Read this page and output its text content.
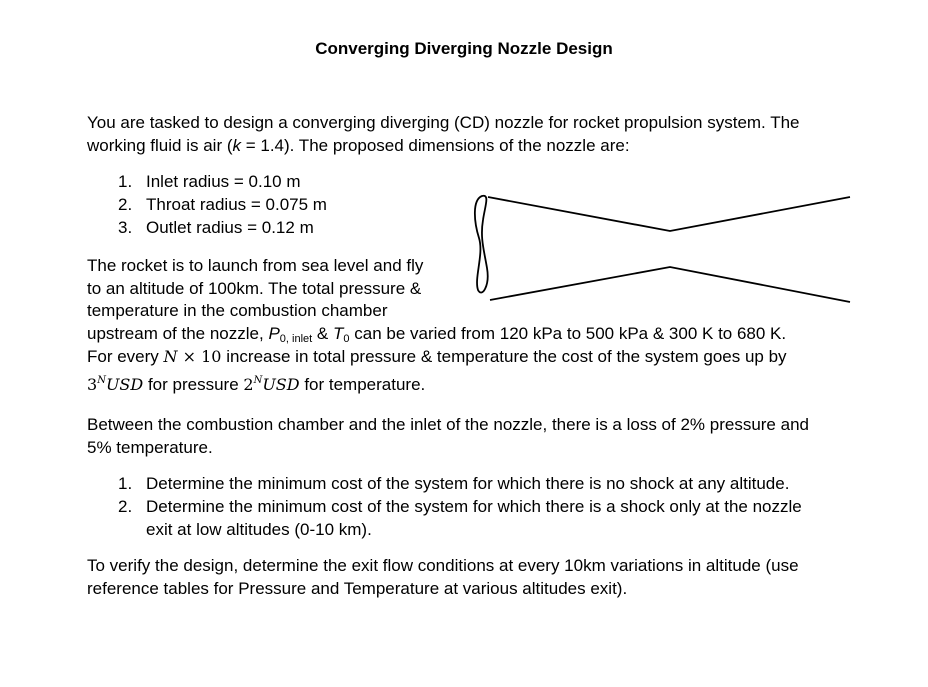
Converging Diverging Nozzle Design
You are tasked to design a converging diverging (CD) nozzle for rocket propulsion system. The
working fluid is air (k = 1.4). The proposed dimensions of the nozzle are:
1. Inlet radius = 0.10 m
2. Throat radius = 0.075 m
3. Outlet radius = 0.12 m
The rocket is to launch from sea level and fly
to an altitude of 100km. The total pressure &
temperature in the combustion chamber
upstream of the nozzle, $P_{0, inlet}$ & $T_0$ can be varied from 120 kPa to 500 kPa & 300 K to 680 K.
For every N × 10 increase in total pressure & temperature the cost of the system goes up by
$3^NUSD$ for pressure $2^NUSD$ for temperature.
Between the combustion chamber and the inlet of the nozzle, there is a loss of 2% pressure and
5% temperature.
1. Determine the minimum cost of the system for which there is no shock at any altitude.
2. Determine the minimum cost of the system for which there is a shock only at the nozzle
exit at low altitudes (0-10 km).
To verify the design, determine the exit flow conditions at every 10km variations in altitude (use
reference tables for Pressure and Temperature at various altitudes exit).
